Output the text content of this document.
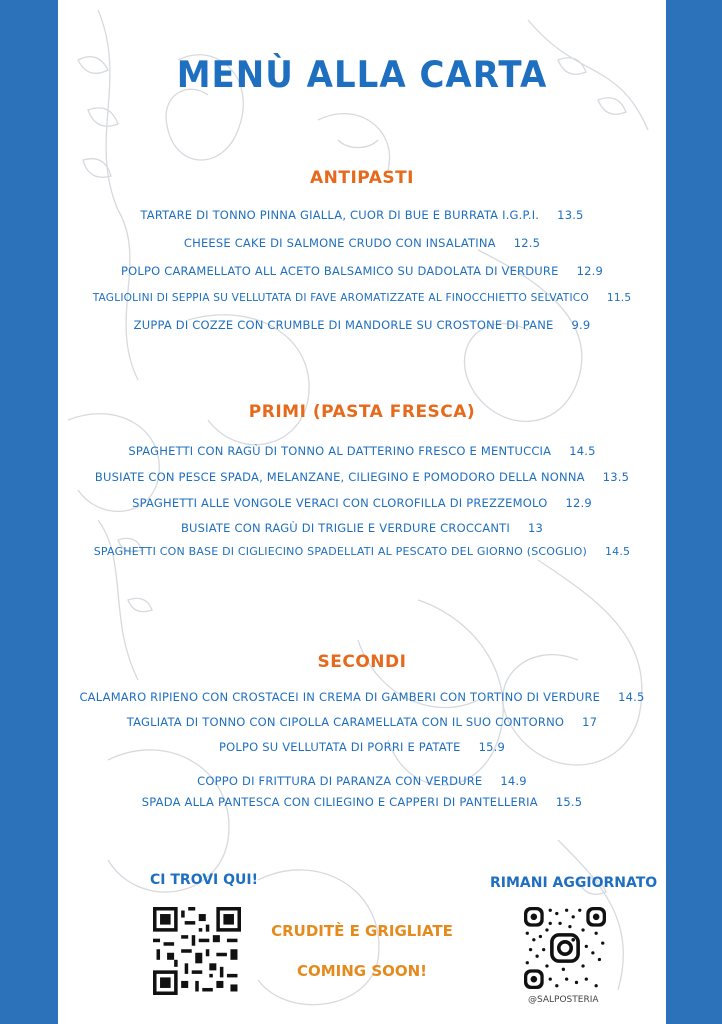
MENÙ ALLA CARTA
ANTIPASTI
TARTARE DI TONNO PINNA GIALLA, CUOR DI BUE E BURRATA I.G.P.I. 13.5
CHEESE CAKE DI SALMONE CRUDO CON INSALATINA 12.5
POLPO CARAMELLATO ALL ACETO BALSAMICO SU DADOLATA DI VERDURE 12.9
TAGLIOLINI DI SEPPIA SU VELLUTATA DI FAVE AROMATIZZATE AL FINOCCHIETTO SELVATICO 11.5
ZUPPA DI COZZE CON CRUMBLE DI MANDORLE SU CROSTONE DI PANE 9.9
PRIMI (PASTA FRESCA)
SPAGHETTI CON RAGÙ DI TONNO AL DATTERINO FRESCO E MENTUCCIA 14.5
BUSIATE CON PESCE SPADA, MELANZANE, CILIEGINO E POMODORO DELLA NONNA 13.5
SPAGHETTI ALLE VONGOLE VERACI CON CLOROFILLA DI PREZZEMOLO 12.9
BUSIATE CON RAGÙ DI TRIGLIE E VERDURE CROCCANTI 13
SPAGHETTI CON BASE DI CIGLIECINO SPADELLATI AL PESCATO DEL GIORNO (SCOGLIO) 14.5
SECONDI
CALAMARO RIPIENO CON CROSTACEI IN CREMA DI GAMBERI CON TORTINO DI VERDURE 14.5
TAGLIATA DI TONNO CON CIPOLLA CARAMELLATA CON IL SUO CONTORNO 17
POLPO SU VELLUTATA DI PORRI E PATATE 15.9
COPPO DI FRITTURA DI PARANZA CON VERDURE 14.9
SPADA ALLA PANTESCA CON CILIEGINO E CAPPERI DI PANTELLERIA 15.5
CI TROVI QUI!	RIMANI AGGIORNATO
CRUDITÈ E GRIGLIATE
COMING SOON!
@SALPOSTERIA
